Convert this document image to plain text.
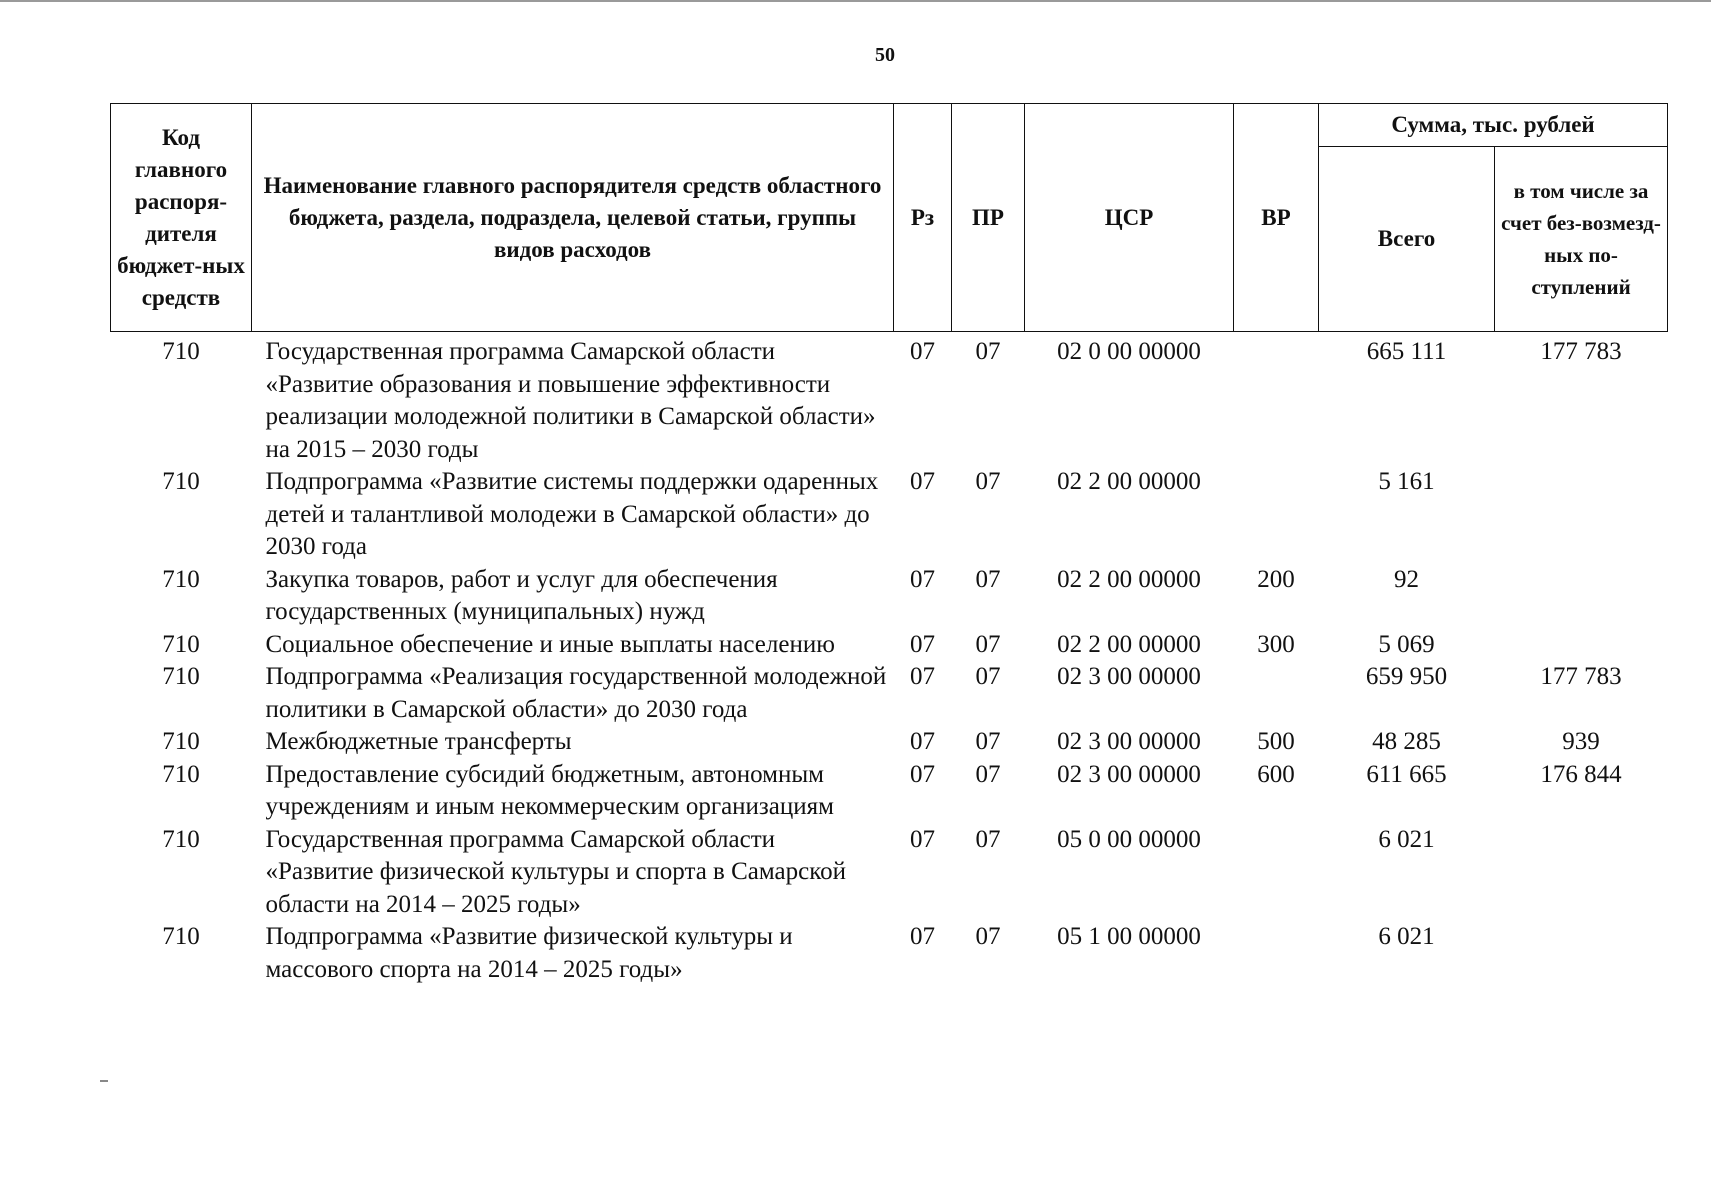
50
Код главного распоря-дителя бюджет-ных средств	Наименование главного распорядителя средств областного бюджета, раздела, подраздела, целевой статьи, группы видов расходов	Рз	ПР	ЦСР	ВР	Сумма, тыс. рублей	
						Всего	в том числе за счет без-возмезд-ных по-ступлений
710	Государственная программа Самарской области «Развитие образования и повышение эффективности реализации молодежной политики в Самарской области» на 2015 – 2030 годы	07	07	02 0 00 00000		665 111	177 783
710	Подпрограмма «Развитие системы поддержки одаренных детей и талантливой молодежи в Самарской области» до 2030 года	07	07	02 2 00 00000		5 161	
710	Закупка товаров, работ и услуг для обеспечения государственных (муниципальных) нужд	07	07	02 2 00 00000	200	92	
710	Социальное обеспечение и иные выплаты населению	07	07	02 2 00 00000	300	5 069	
710	Подпрограмма «Реализация государственной молодежной политики в Самарской области» до 2030 года	07	07	02 3 00 00000		659 950	177 783
710	Межбюджетные трансферты	07	07	02 3 00 00000	500	48 285	939
710	Предоставление субсидий бюджетным, автономным учреждениям и иным некоммерческим организациям	07	07	02 3 00 00000	600	611 665	176 844
710	Государственная программа Самарской области «Развитие физической культуры и спорта в Самарской области на 2014 – 2025 годы»	07	07	05 0 00 00000		6 021	
710	Подпрограмма «Развитие физической культуры и массового спорта на 2014 – 2025 годы»	07	07	05 1 00 00000		6 021	
